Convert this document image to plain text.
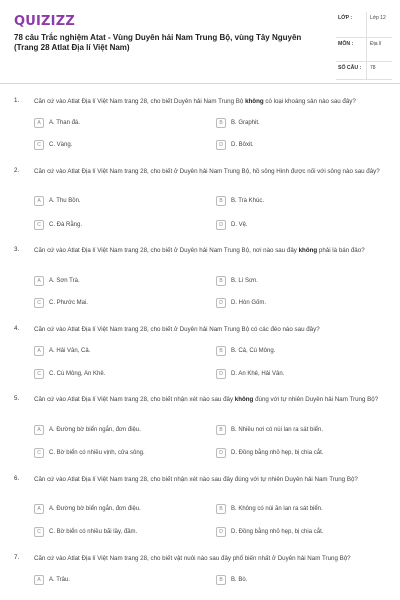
QUIZIZZ
78 câu Trắc nghiệm Atat - Vùng Duyên hải Nam Trung Bộ, vùng Tây Nguyên (Trang 28 Atlat Địa lí Việt Nam)
LỚP :	Lớp 12
MÔN :	Địa lí
SỐ CÂU :	78
1. Căn cứ vào Atlat Địa lí Việt Nam trang 28, cho biết Duyên hải Nam Trung Bộ không có loại khoáng sản nào sau đây?
A	A. Than đá.	B	B. Graphit.
C	C. Vàng.	D	D. Bôxit.
2. Căn cứ vào Atlat Địa lí Việt Nam trang 28, cho biết ở Duyên hải Nam Trung Bộ, hồ sông Hinh được nối với sông nào sau đây?
A	A. Thu Bồn.	B	B. Trà Khúc.
C	C. Đà Rằng.	D	D. Vệ.
3. Căn cứ vào Atlat Địa lí Việt Nam trang 28, cho biết ở Duyên hải Nam Trung Bộ, nơi nào sau đây không phải là bán đảo?
A	A. Sơn Trà.	B	B. Lí Sơn.
C	C. Phước Mai.	D	D. Hòn Gốm.
4. Căn cứ vào Atlat Địa lí Việt Nam trang 28, cho biết ở Duyên hải Nam Trung Bộ có các đèo nào sau đây?
A	A. Hải Vân, Cả.	B	B. Cả, Cù Mông.
C	C. Cù Mông, An Khê.	D	D. An Khê, Hải Vân.
5. Căn cứ vào Atlat Địa lí Việt Nam trang 28, cho biết nhận xét nào sau đây không đúng với tự nhiên Duyên hải Nam Trung Bộ?
A	A. Đường bờ biển ngắn, đơn điệu.	B	B. Nhiều nơi có núi lan ra sát biển.
C	C. Bờ biển có nhiều vịnh, cửa sông.	D	D. Đồng bằng nhỏ hẹp, bị chia cắt.
6. Căn cứ vào Atlat Địa lí Việt Nam trang 28, cho biết nhận xét nào sau đây đúng với tự nhiên Duyên hải Nam Trung Bộ?
A	A. Đường bờ biển ngắn, đơn điệu.	B	B. Không có núi ăn lan ra sát biển.
C	C. Bờ biển có nhiều bãi lầy, đầm.	D	D. Đồng bằng nhỏ hẹp, bị chia cắt.
7. Căn cứ vào Atlat Địa lí Việt Nam trang 28, cho biết vật nuôi nào sau đây phổ biến nhất ở Duyên hải Nam Trung Bộ?
A	A. Trâu.	B	B. Bò.
